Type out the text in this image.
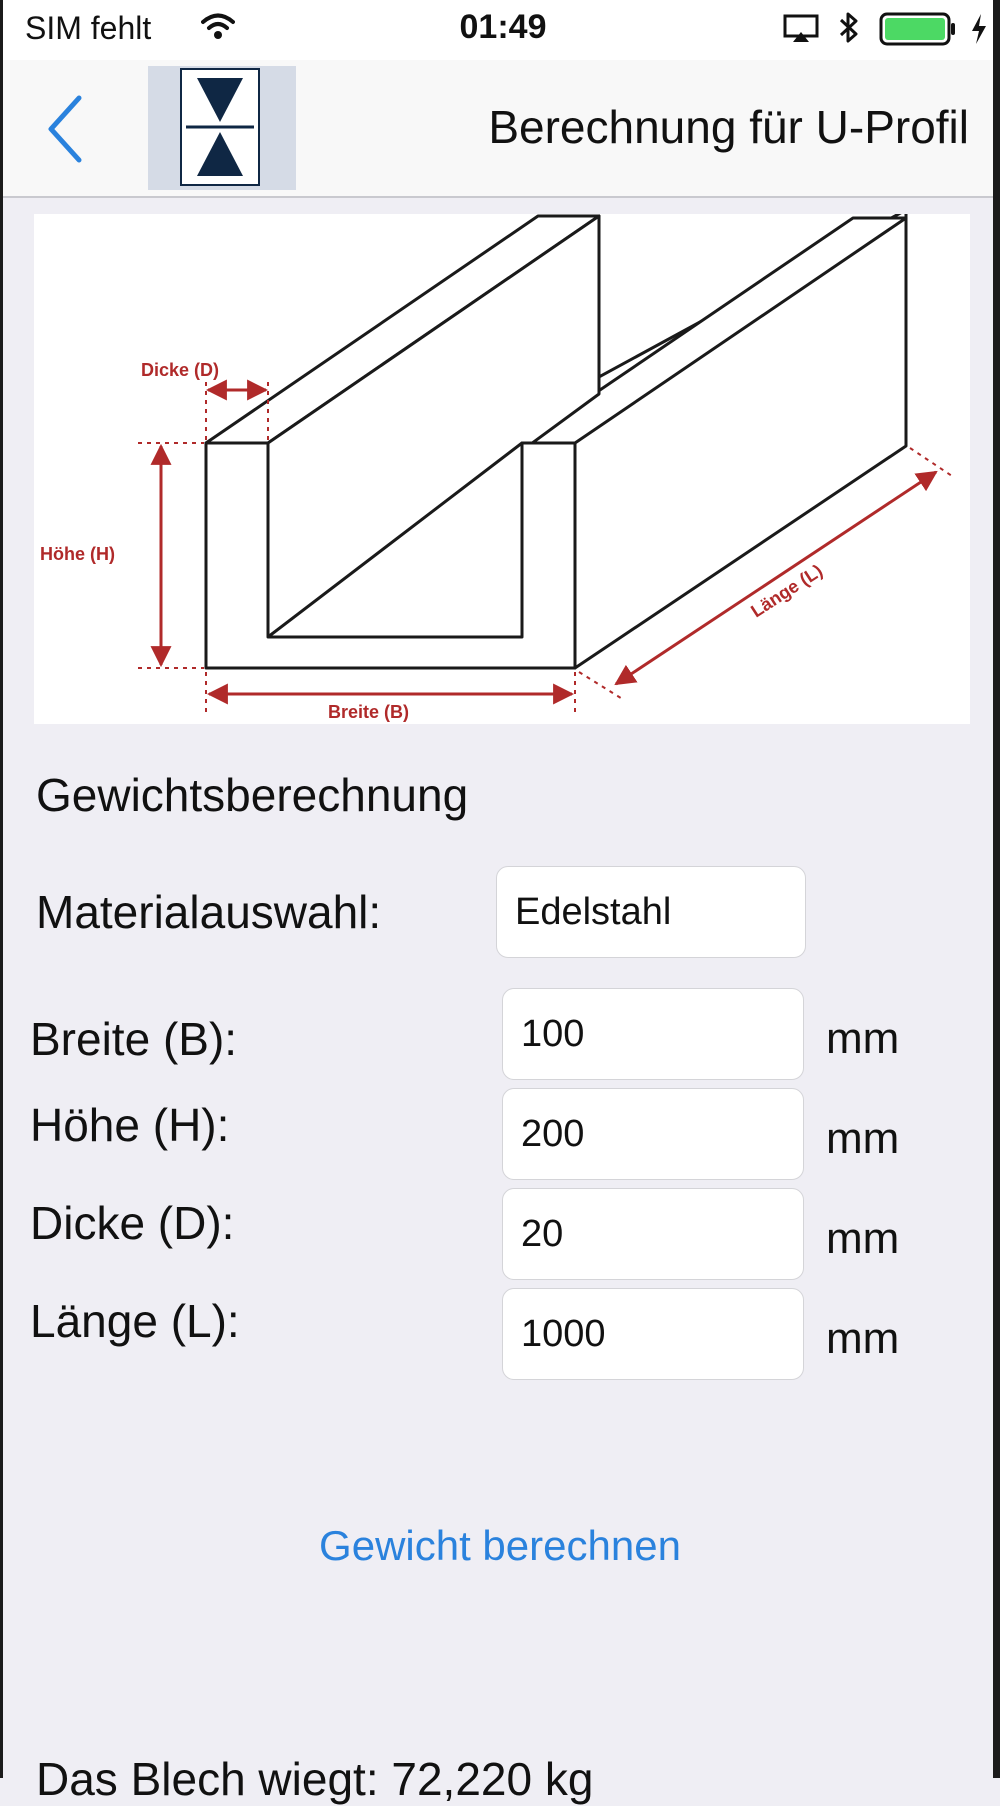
SIM fehlt	01:49
Berechnung für U-Profil
Dicke (D)
Höhe (H)
Breite (B)
Länge (L)
Gewichtsberechnung
Materialauswahl:
Edelstahl
Breite (B):
100	mm
Höhe (H):
200	mm
Dicke (D):
20	mm
Länge (L):
1000	mm
Gewicht berechnen
Das Blech wiegt: 72,220 kg
